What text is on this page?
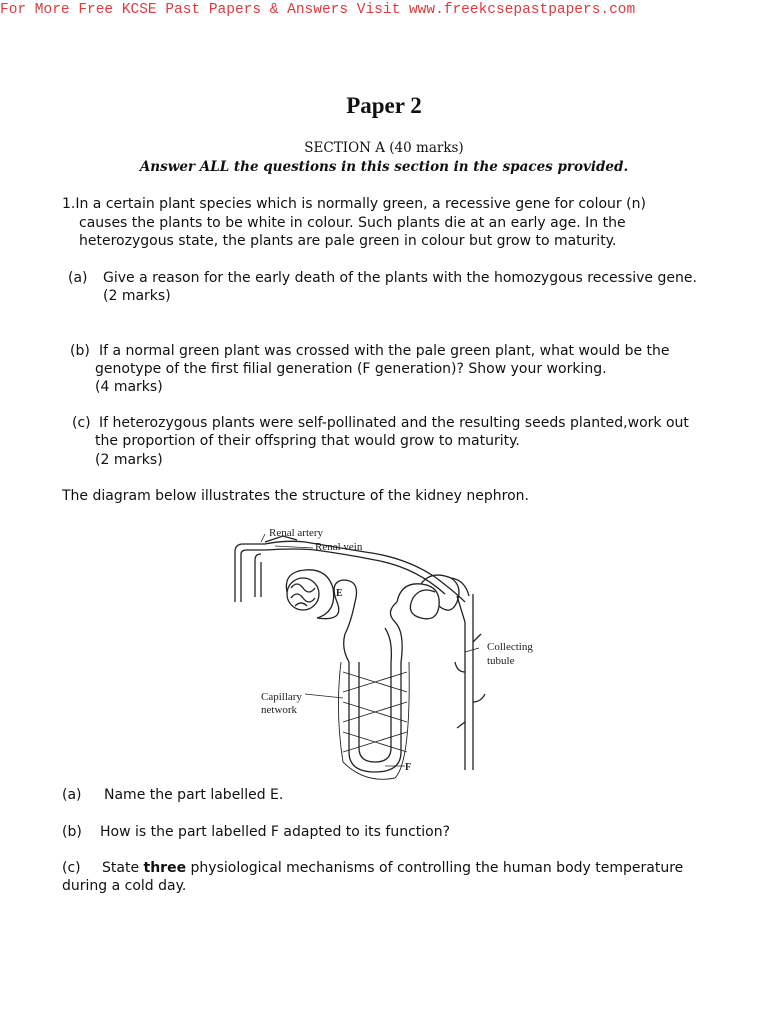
For More Free KCSE Past Papers & Answers Visit www.freekcsepastpapers.com
Paper 2
SECTION A (40 marks)
Answer ALL the questions in this section in the spaces provided.
1.In a certain plant species which is normally green, a recessive gene for colour (n)
causes the plants to be white in colour. Such plants die at an early age. In the
heterozygous state, the plants are pale green in colour but grow to maturity.
(a) Give a reason for the early death of the plants with the homozygous recessive gene.
(2 marks)
(b) If a normal green plant was crossed with the pale green plant, what would be the
genotype of the first filial generation (F generation)? Show your working.
(4 marks)
(c) If heterozygous plants were self-pollinated and the resulting seeds planted,work out
the proportion of their offspring that would grow to maturity.
(2 marks)
The diagram below illustrates the structure of the kidney nephron.
Renal artery
Renal vein
E
Collecting
tubule
Capillary
network
F
(a) Name the part labelled E.
(b) How is the part labelled F adapted to its function?
(c) State three physiological mechanisms of controlling the human body temperature
during a cold day.
